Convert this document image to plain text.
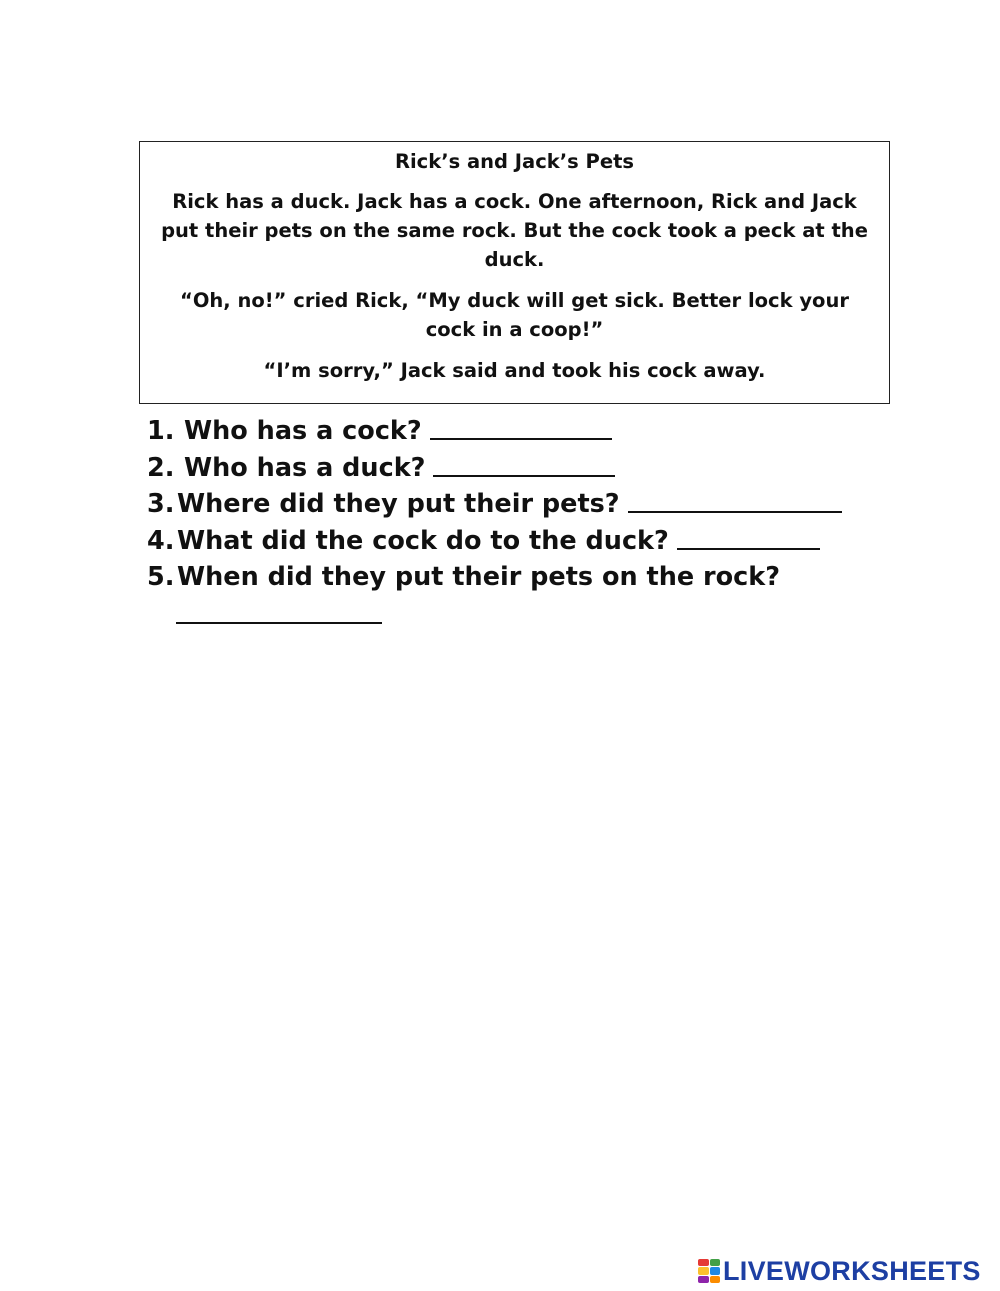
Rick’s and Jack’s Pets

Rick has a duck. Jack has a cock. One afternoon, Rick and Jack put their pets on the same rock. But the cock took a peck at the duck.

“Oh, no!” cried Rick, “My duck will get sick. Better lock your cock in a coop!”

“I’m sorry,” Jack said and took his cock away.

1. Who has a cock?
2. Who has a duck?
3. Where did they put their pets?
4. What did the cock do to the duck?
5. When did they put their pets on the rock?
LIVEWORKSHEETS
